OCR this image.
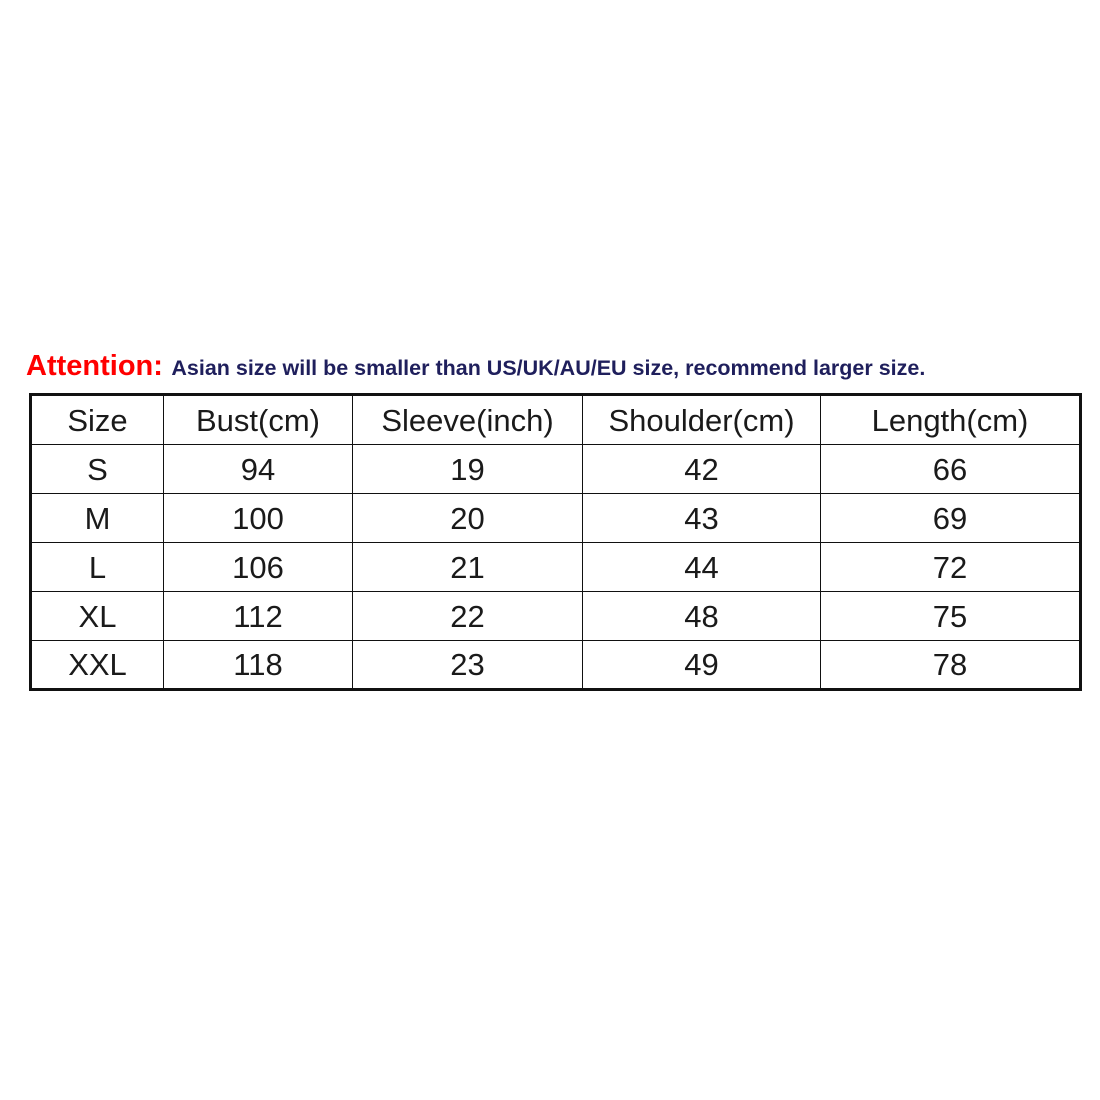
Attention: Asian size will be smaller than US/UK/AU/EU size, recommend larger size.
Size	Bust(cm)	Sleeve(inch)	Shoulder(cm)	Length(cm)
S	94	19	42	66
M	100	20	43	69
L	106	21	44	72
XL	112	22	48	75
XXL	118	23	49	78
